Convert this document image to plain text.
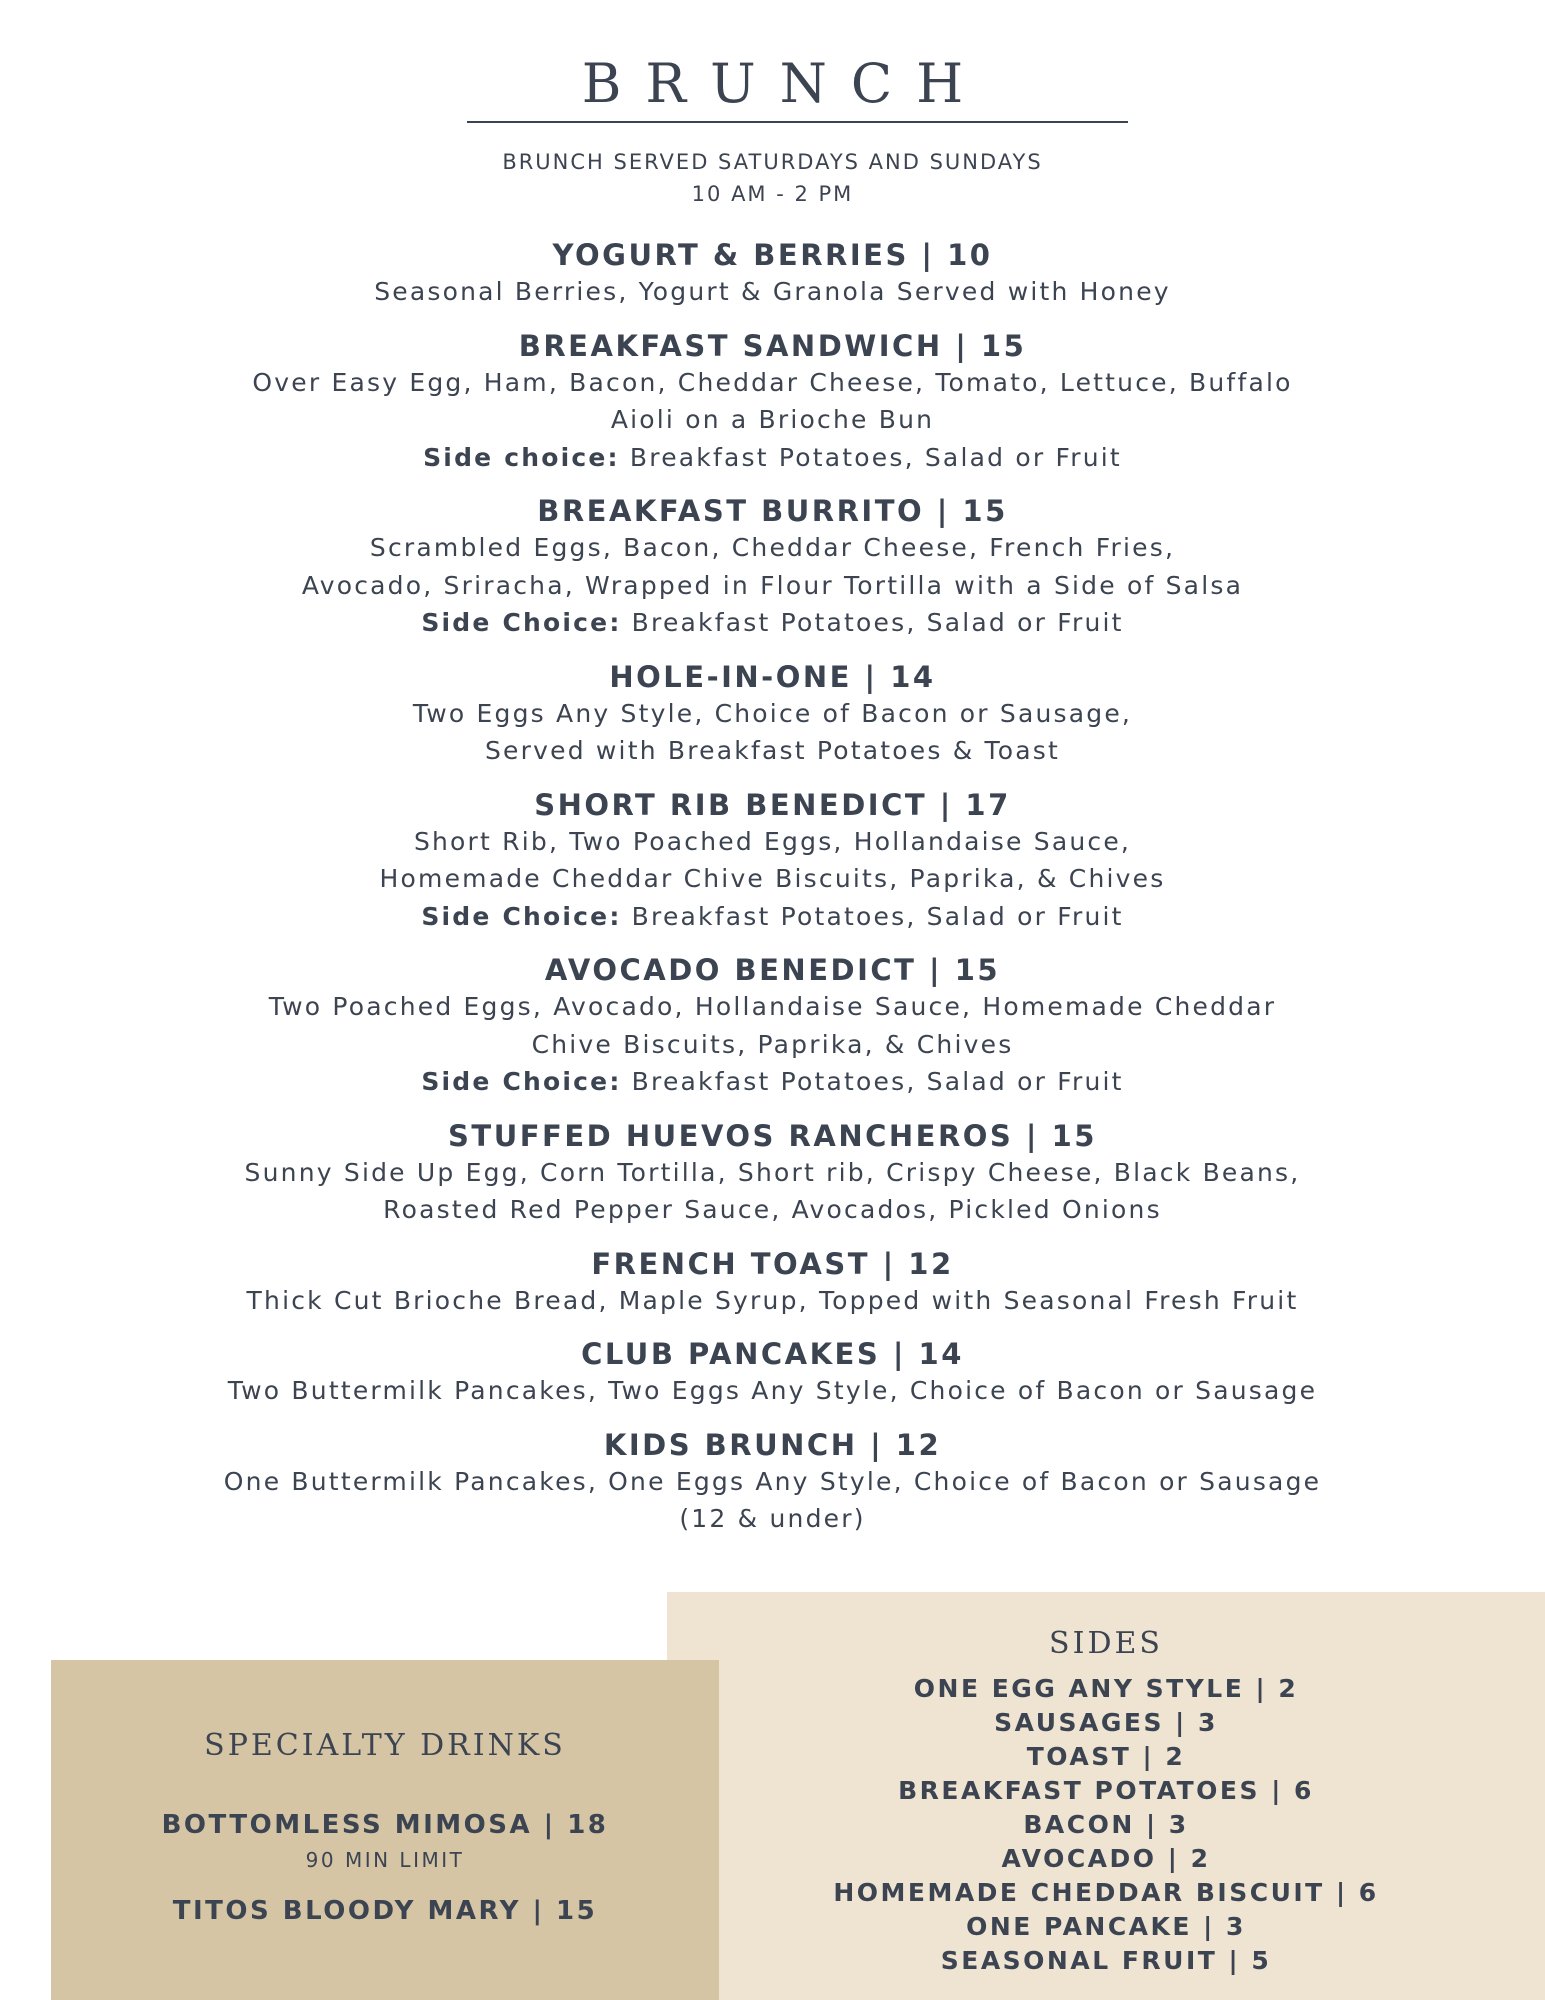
BRUNCH
BRUNCH SERVED SATURDAYS AND SUNDAYS
10 AM - 2 PM
YOGURT & BERRIES | 10
Seasonal Berries, Yogurt & Granola Served with Honey
BREAKFAST SANDWICH | 15
Over Easy Egg, Ham, Bacon, Cheddar Cheese, Tomato, Lettuce, Buffalo
Aioli on a Brioche Bun
Side choice: Breakfast Potatoes, Salad or Fruit
BREAKFAST BURRITO | 15
Scrambled Eggs, Bacon, Cheddar Cheese, French Fries,
Avocado, Sriracha, Wrapped in Flour Tortilla with a Side of Salsa
Side Choice: Breakfast Potatoes, Salad or Fruit
HOLE-IN-ONE | 14
Two Eggs Any Style, Choice of Bacon or Sausage,
Served with Breakfast Potatoes & Toast
SHORT RIB BENEDICT | 17
Short Rib, Two Poached Eggs, Hollandaise Sauce,
Homemade Cheddar Chive Biscuits, Paprika, & Chives
Side Choice: Breakfast Potatoes, Salad or Fruit
AVOCADO BENEDICT | 15
Two Poached Eggs, Avocado, Hollandaise Sauce, Homemade Cheddar
Chive Biscuits, Paprika, & Chives
Side Choice: Breakfast Potatoes, Salad or Fruit
STUFFED HUEVOS RANCHEROS | 15
Sunny Side Up Egg, Corn Tortilla, Short rib, Crispy Cheese, Black Beans,
Roasted Red Pepper Sauce, Avocados, Pickled Onions
FRENCH TOAST | 12
Thick Cut Brioche Bread, Maple Syrup, Topped with Seasonal Fresh Fruit
CLUB PANCAKES | 14
Two Buttermilk Pancakes, Two Eggs Any Style, Choice of Bacon or Sausage
KIDS BRUNCH | 12
One Buttermilk Pancakes, One Eggs Any Style, Choice of Bacon or Sausage
(12 & under)
SIDES
ONE EGG ANY STYLE | 2
SAUSAGES | 3
TOAST | 2
BREAKFAST POTATOES | 6
BACON | 3
AVOCADO | 2
HOMEMADE CHEDDAR BISCUIT | 6
ONE PANCAKE | 3
SEASONAL FRUIT | 5
SPECIALTY DRINKS
BOTTOMLESS MIMOSA | 18
90 MIN LIMIT
TITOS BLOODY MARY | 15
